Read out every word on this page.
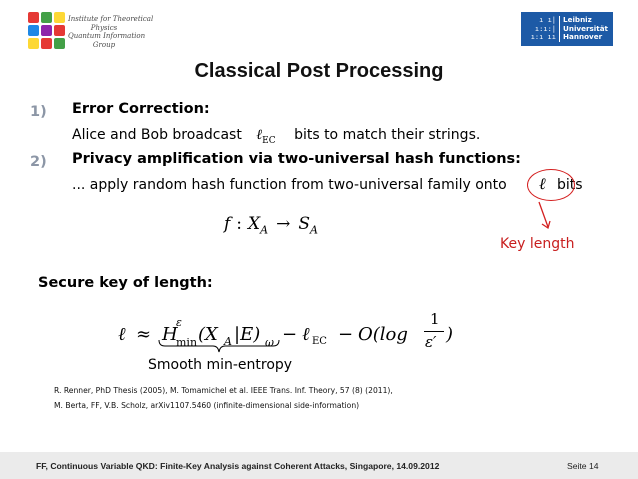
Institute for Theoretical
Physics
Quantum Information
Group
ı ı|
ı:ı:|
ı:ı ıı
Leibniz
Universität
Hannover
Classical Post Processing
1) Error Correction:
Alice and Bob broadcast ℓ$_{EC}$ bits to match their strings.
2) Privacy amplification via two-universal hash functions:
... apply random hash function from two-universal family onto ℓ bits
Key length
f : $X_A \to S_A$
Secure key of length:
ℓ ≈ H
ε
min (X A |E) ω − ℓ EC − O(log
1
ε′ )
Smooth min-entropy
R. Renner, PhD Thesis (2005), M. Tomamichel et al. IEEE Trans. Inf. Theory, 57 (8) (2011),
M. Berta, FF, V.B. Scholz, arXiv1107.5460 (infinite-dimensional side-information)
FF, Continuous Variable QKD: Finite-Key Analysis against Coherent Attacks, Singapore, 14.09.2012	Seite 14
